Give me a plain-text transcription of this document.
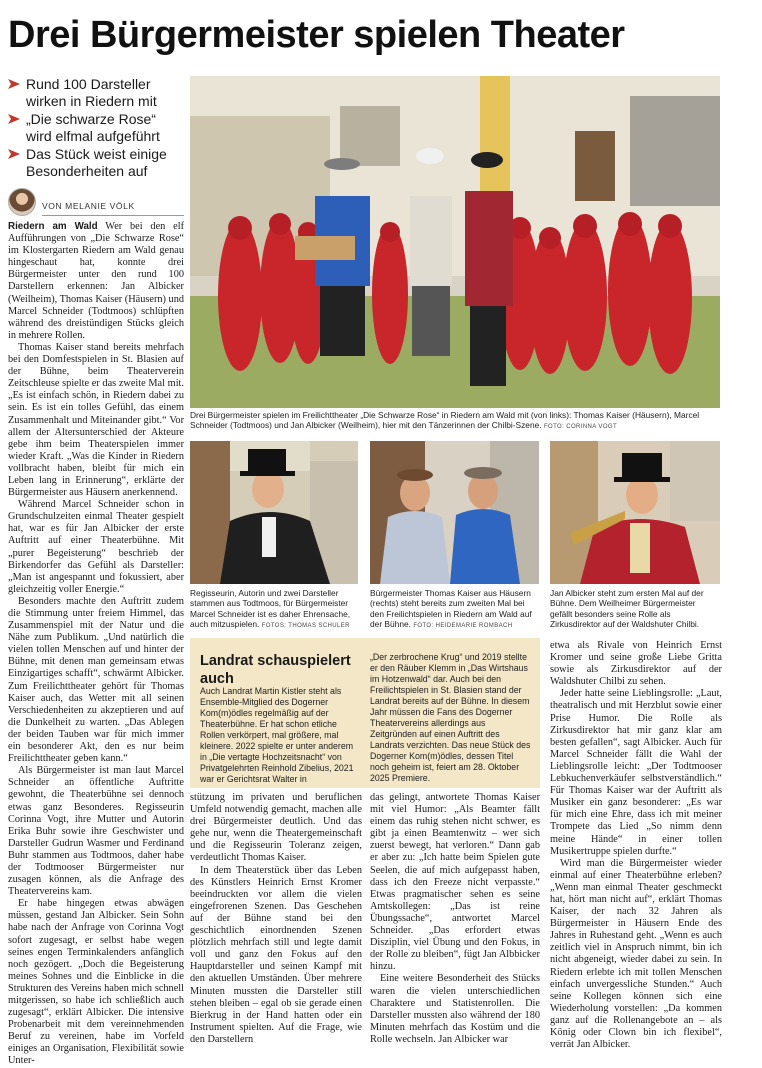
Drei Bürgermeister spielen Theater
Rund 100 Darsteller wirken in Riedern mit
„Die schwarze Rose“ wird elfmal aufgeführt
Das Stück weist einige Besonderheiten auf
VON MELANIE VÖLK

Riedern am Wald Wer bei den elf Aufführungen von „Die Schwarze Rose“ im Klostergarten Riedern am Wald genau hingeschaut hat, konnte drei Bürgermeister unter den rund 100 Darstellern erkennen: Jan Albicker (Weilheim), Thomas Kaiser (Häusern) und Marcel Schneider (Todtmoos) schlüpften während des dreistündigen Stücks gleich in mehrere Rollen.

Thomas Kaiser stand bereits mehrfach bei den Domfestspielen in St. Blasien auf der Bühne, beim Theaterverein Zeitschleuse spielte er das zweite Mal mit. „Es ist einfach schön, in Riedern dabei zu sein. Es ist ein tolles Gefühl, das einem Zusammenhalt und Miteinander gibt.“ Vor allem der Altersunterschied der Akteure gebe ihm beim Theaterspielen immer wieder Kraft. „Was die Kinder in Riedern vollbracht haben, bleibt für mich ein Leben lang in Erinnerung“, erklärte der Bürgermeister aus Häusern anerkennend.

Während Marcel Schneider schon in Grundschulzeiten einmal Theater gespielt hat, war es für Jan Albicker der erste Auftritt auf einer Theaterbühne. Mit „purer Begeisterung“ beschrieb der Birkendorfer das Gefühl als Darsteller: „Man ist angespannt und fokussiert, aber gleichzeitig voller Energie.“

Besonders machte den Auftritt zudem die Stimmung unter freiem Himmel, das Zusammenspiel mit der Natur und die Nähe zum Publikum. „Und natürlich die vielen tollen Menschen auf und hinter der Bühne, mit denen man gemeinsam etwas Einzigartiges schafft“, schwärmt Albicker. Zum Freilichttheater gehört für Thomas Kaiser auch, das Wetter mit all seinen Verschiedenheiten zu akzeptieren und auf die Dunkelheit zu warten. „Das Ablegen der beiden Tauben war für mich immer ein besonderer Akt, den es nur beim Freilichttheater geben kann.“

Als Bürgermeister ist man laut Marcel Schneider an öffentliche Auftritte gewohnt, die Theaterbühne sei dennoch etwas ganz Besonderes. Regisseurin Corinna Vogt, ihre Mutter und Autorin Erika Buhr sowie ihre Geschwister und Darsteller Gudrun Wasmer und Ferdinand Buhr stammen aus Todtmoos, daher habe der Todtmooser Bürgermeister nur zusagen können, als die Anfrage des Theatervereins kam.

Er habe hingegen etwas abwägen müssen, gestand Jan Albicker. Sein Sohn habe nach der Anfrage von Corinna Vogt sofort zugesagt, er selbst habe wegen seines engen Terminkalenders anfänglich noch gezögert. „Doch die Begeisterung meines Sohnes und die Einblicke in die Strukturen des Vereins haben mich schnell mitgerissen, so habe ich schließlich auch zugesagt“, erklärt Albicker. Die intensive Probenarbeit mit dem vereinnehmenden Beruf zu vereinen, habe im Vorfeld einiges an Organisation, Flexibilität sowie Unter-

Drei Bürgermeister spielen im Freilichttheater „Die Schwarze Rose“ in Riedern am Wald mit (von links): Thomas Kaiser (Häusern), Marcel Schneider (Todtmoos) und Jan Albicker (Weilheim), hier mit den Tänzerinnen der Chilbi-Szene. FOTO: CORINNA VOGT
Regisseurin, Autorin und zwei Darsteller stammen aus Todtmoos, für Bürgermeister Marcel Schneider ist es daher Ehrensache, auch mitzuspielen. FOTOS: THOMAS SCHULER
Bürgermeister Thomas Kaiser aus Häusern (rechts) steht bereits zum zweiten Mal bei den Freilichtspielen in Riedern am Wald auf der Bühne. FOTO: HEIDEMARIE ROMBACH
Jan Albicker steht zum ersten Mal auf der Bühne. Dem Weilheimer Bürgermeister gefällt besonders seine Rolle als Zirkusdirektor auf der Waldshuter Chilbi.
Landrat schauspielert auch

Auch Landrat Martin Kistler steht als Ensemble-Mitglied des Dogerner Kom(m)ödles regelmäßig auf der Theaterbühne. Er hat schon etliche Rollen verkörpert, mal größere, mal kleinere. 2022 spielte er unter anderem in „Die vertagte Hochzeitsnacht“ von Privatgelehrten Reinhold Zibelius, 2021 war er Gerichtsrat Walter in

„Der zerbrochene Krug“ und 2019 stellte er den Räuber Klemm in „Das Wirtshaus im Hotzenwald“ dar. Auch bei den Freilichtspielen in St. Blasien stand der Landrat bereits auf der Bühne. In diesem Jahr müssen die Fans des Dogerner Theatervereins allerdings aus Zeitgründen auf einen Auftritt des Landrats verzichten. Das neue Stück des Dogerner Kom(m)ödles, dessen Titel noch geheim ist, feiert am 28. Oktober 2025 Premiere.

stützung im privaten und beruflichen Umfeld notwendig gemacht, machen alle drei Bürgermeister deutlich. Und das gehe nur, wenn die Theatergemeinschaft und die Regisseurin Toleranz zeigen, verdeutlicht Thomas Kaiser.

In dem Theaterstück über das Leben des Künstlers Heinrich Ernst Kromer beeindruckten vor allem die vielen eingefrorenen Szenen. Das Geschehen auf der Bühne stand bei den geschichtlich einordnenden Szenen plötzlich mehrfach still und legte damit voll und ganz den Fokus auf den Hauptdarsteller und seinen Kampf mit den aktuellen Umständen. Über mehrere Minuten mussten die Darsteller still stehen bleiben – egal ob sie gerade einen Bierkrug in der Hand hatten oder ein Instrument spielten. Auf die Frage, wie den Darstellern

das gelingt, antwortete Thomas Kaiser mit viel Humor: „Als Beamter fällt einem das ruhig stehen nicht schwer, es gibt ja einen Beamtenwitz – wer sich zuerst bewegt, hat verloren.“ Dann gab er aber zu: „Ich hatte beim Spielen gute Seelen, die auf mich aufgepasst haben, dass ich den Freeze nicht verpasste.“ Etwas pragmatischer sehen es seine Amtskollegen: „Das ist reine Übungssache“, antwortet Marcel Schneider. „Das erfordert etwas Disziplin, viel Übung und den Fokus, in der Rolle zu bleiben“, fügt Jan Albbicker hinzu.

Eine weitere Besonderheit des Stücks waren die vielen unterschiedlichen Charaktere und Statistenrollen. Die Darsteller mussten also während der 180 Minuten mehrfach das Kostüm und die Rolle wechseln. Jan Albicker war

etwa als Rivale von Heinrich Ernst Kromer und seine große Liebe Gritta sowie als Zirkusdirektor auf der Waldshuter Chilbi zu sehen.

Jeder hatte seine Lieblingsrolle: „Laut, theatralisch und mit Herzblut sowie einer Prise Humor. Die Rolle als Zirkusdirektor hat mir ganz klar am besten gefallen“, sagt Albicker. Auch für Marcel Schneider fällt die Wahl der Lieblingsrolle leicht: „Der Todtmooser Lebkuchenverkäufer selbstverständlich.“ Für Thomas Kaiser war der Auftritt als Musiker ein ganz besonderer: „Es war für mich eine Ehre, dass ich mit meiner Trompete das Lied „So nimm denn meine Hände“ in einer tollen Musikertruppe spielen durfte.“

Wird man die Bürgermeister wieder einmal auf einer Theaterbühne erleben? „Wenn man einmal Theater geschmeckt hat, hört man nicht auf“, erklärt Thomas Kaiser, der nach 32 Jahren als Bürgermeister in Häusern Ende des Jahres in Ruhestand geht. „Wenn es auch zeitlich viel in Anspruch nimmt, bin ich nicht abgeneigt, wieder dabei zu sein. In Riedern erlebte ich mit tollen Menschen einfach unvergessliche Stunden.“ Auch seine Kollegen können sich eine Wiederholung vorstellen: „Da kommen ganz auf die Rollenangebote an – als König oder Clown bin ich flexibel“, verrät Jan Albicker.
